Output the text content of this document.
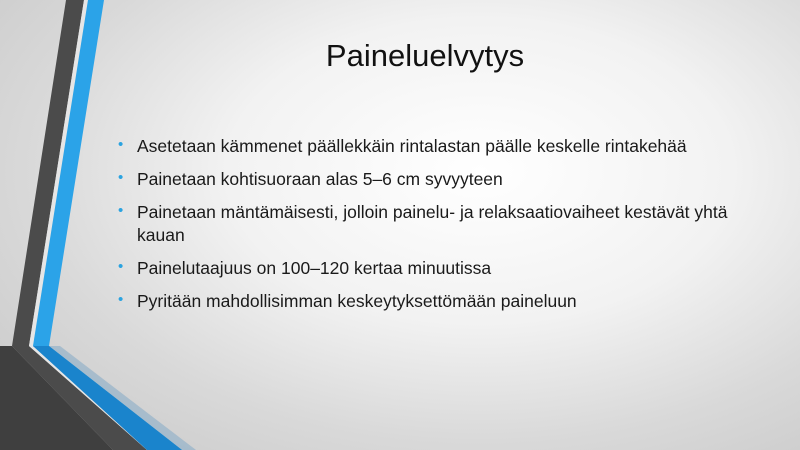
Paineluelvytys
• Asetetaan kämmenet päällekkäin rintalastan päälle keskelle rintakehää
• Painetaan kohtisuoraan alas 5–6 cm syvyyteen
• Painetaan mäntämäisesti, jolloin painelu- ja relaksaatiovaiheet kestävät yhtä kauan
• Painelutaajuus on 100–120 kertaa minuutissa
• Pyritään mahdollisimman keskeytyksettömään paineluun
